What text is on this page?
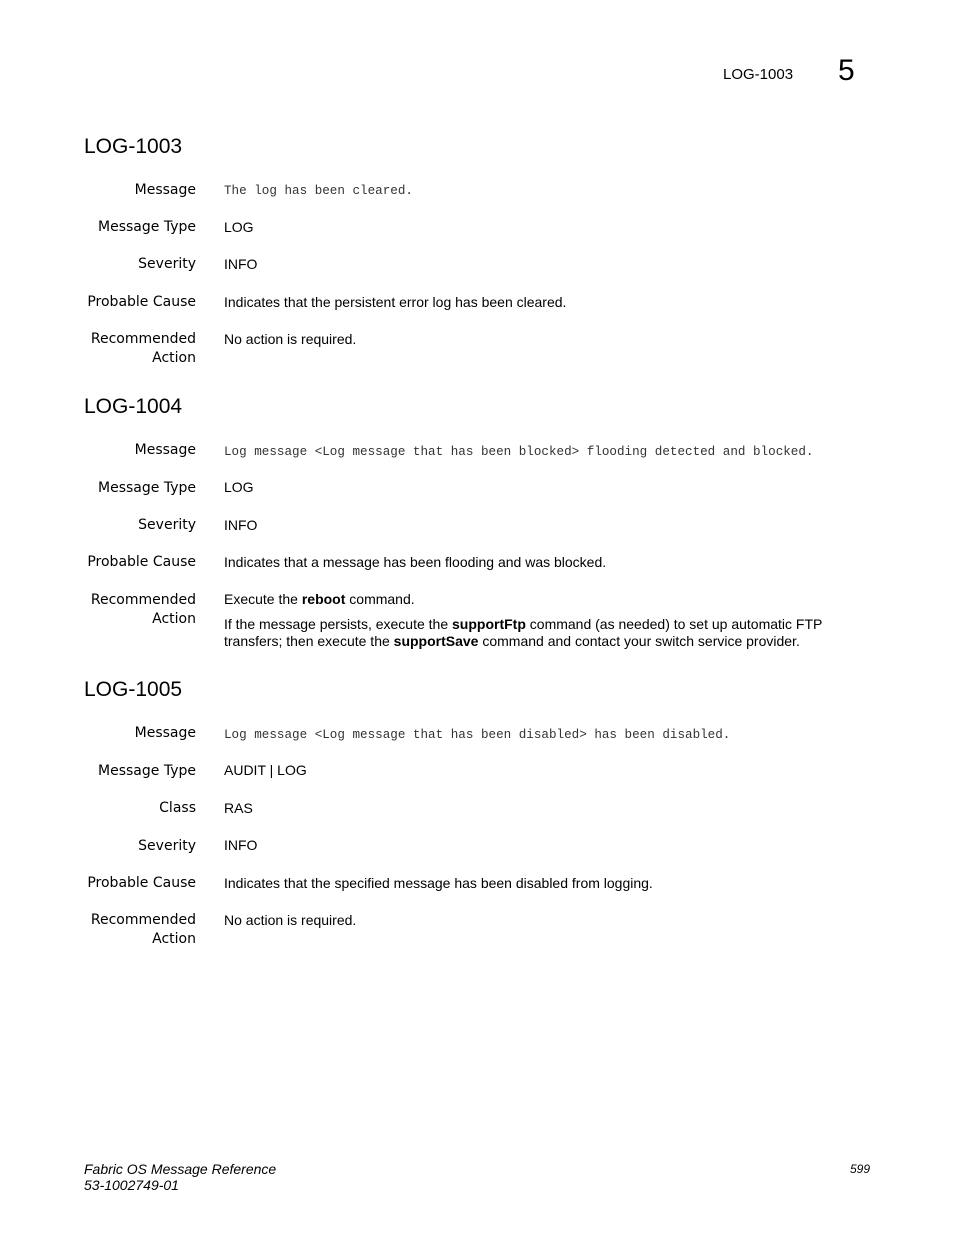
LOG-1003 5
LOG-1003
Message The log has been cleared.
Message Type LOG
Severity INFO
Probable Cause Indicates that the persistent error log has been cleared.
Recommended
Action
No action is required.
LOG-1004
Message Log message <Log message that has been blocked> flooding detected and blocked.
Message Type LOG
Severity INFO
Probable Cause Indicates that a message has been flooding and was blocked.
Recommended
Action
Execute the reboot command.
If the message persists, execute the supportFtp command (as needed) to set up automatic FTP transfers; then execute the supportSave command and contact your switch service provider.
LOG-1005
Message Log message <Log message that has been disabled> has been disabled.
Message Type AUDIT | LOG
Class RAS
Severity INFO
Probable Cause Indicates that the specified message has been disabled from logging.
Recommended
Action
No action is required.
Fabric OS Message Reference
53-1002749-01
599
